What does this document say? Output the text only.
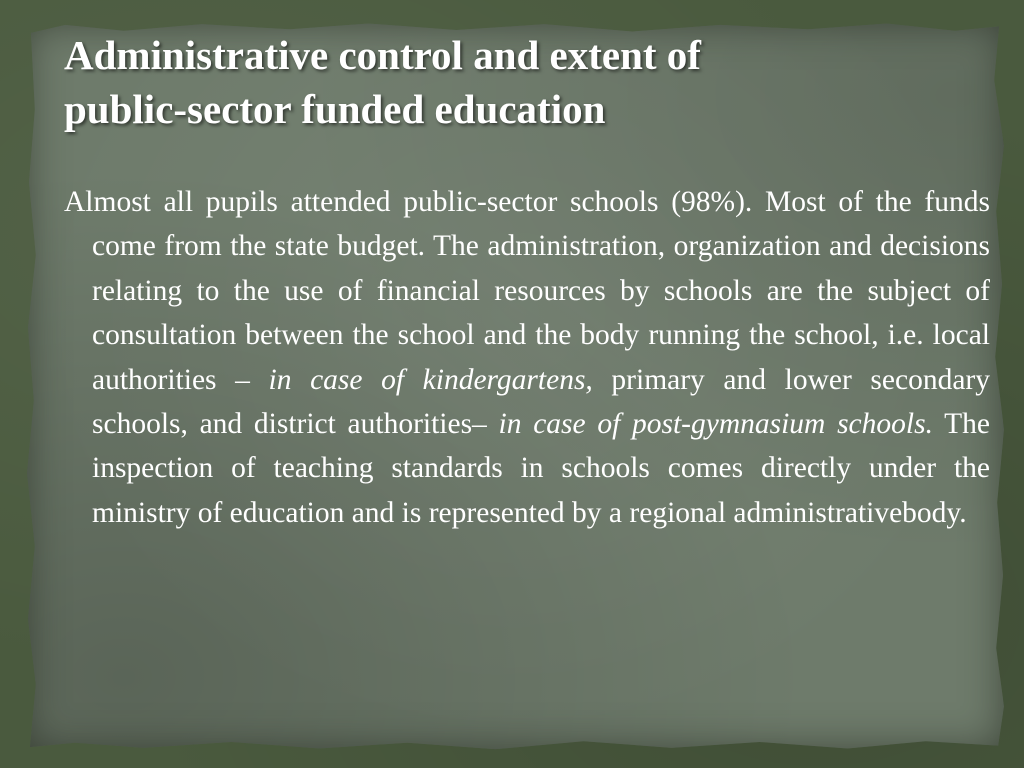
Administrative control and extent of
public-sector funded education

Almost all pupils attended public-sector schools (98%). Most of the funds come from the state budget. The administration, organization and decisions relating to the use of financial resources by schools are the subject of consultation between the school and the body running the school, i.e. local authorities – in case of kindergartens, primary and lower secondary schools, and district authorities– in case of post-gymnasium schools. The inspection of teaching standards in schools comes directly under the ministry of education and is represented by a regional administrativebody.
